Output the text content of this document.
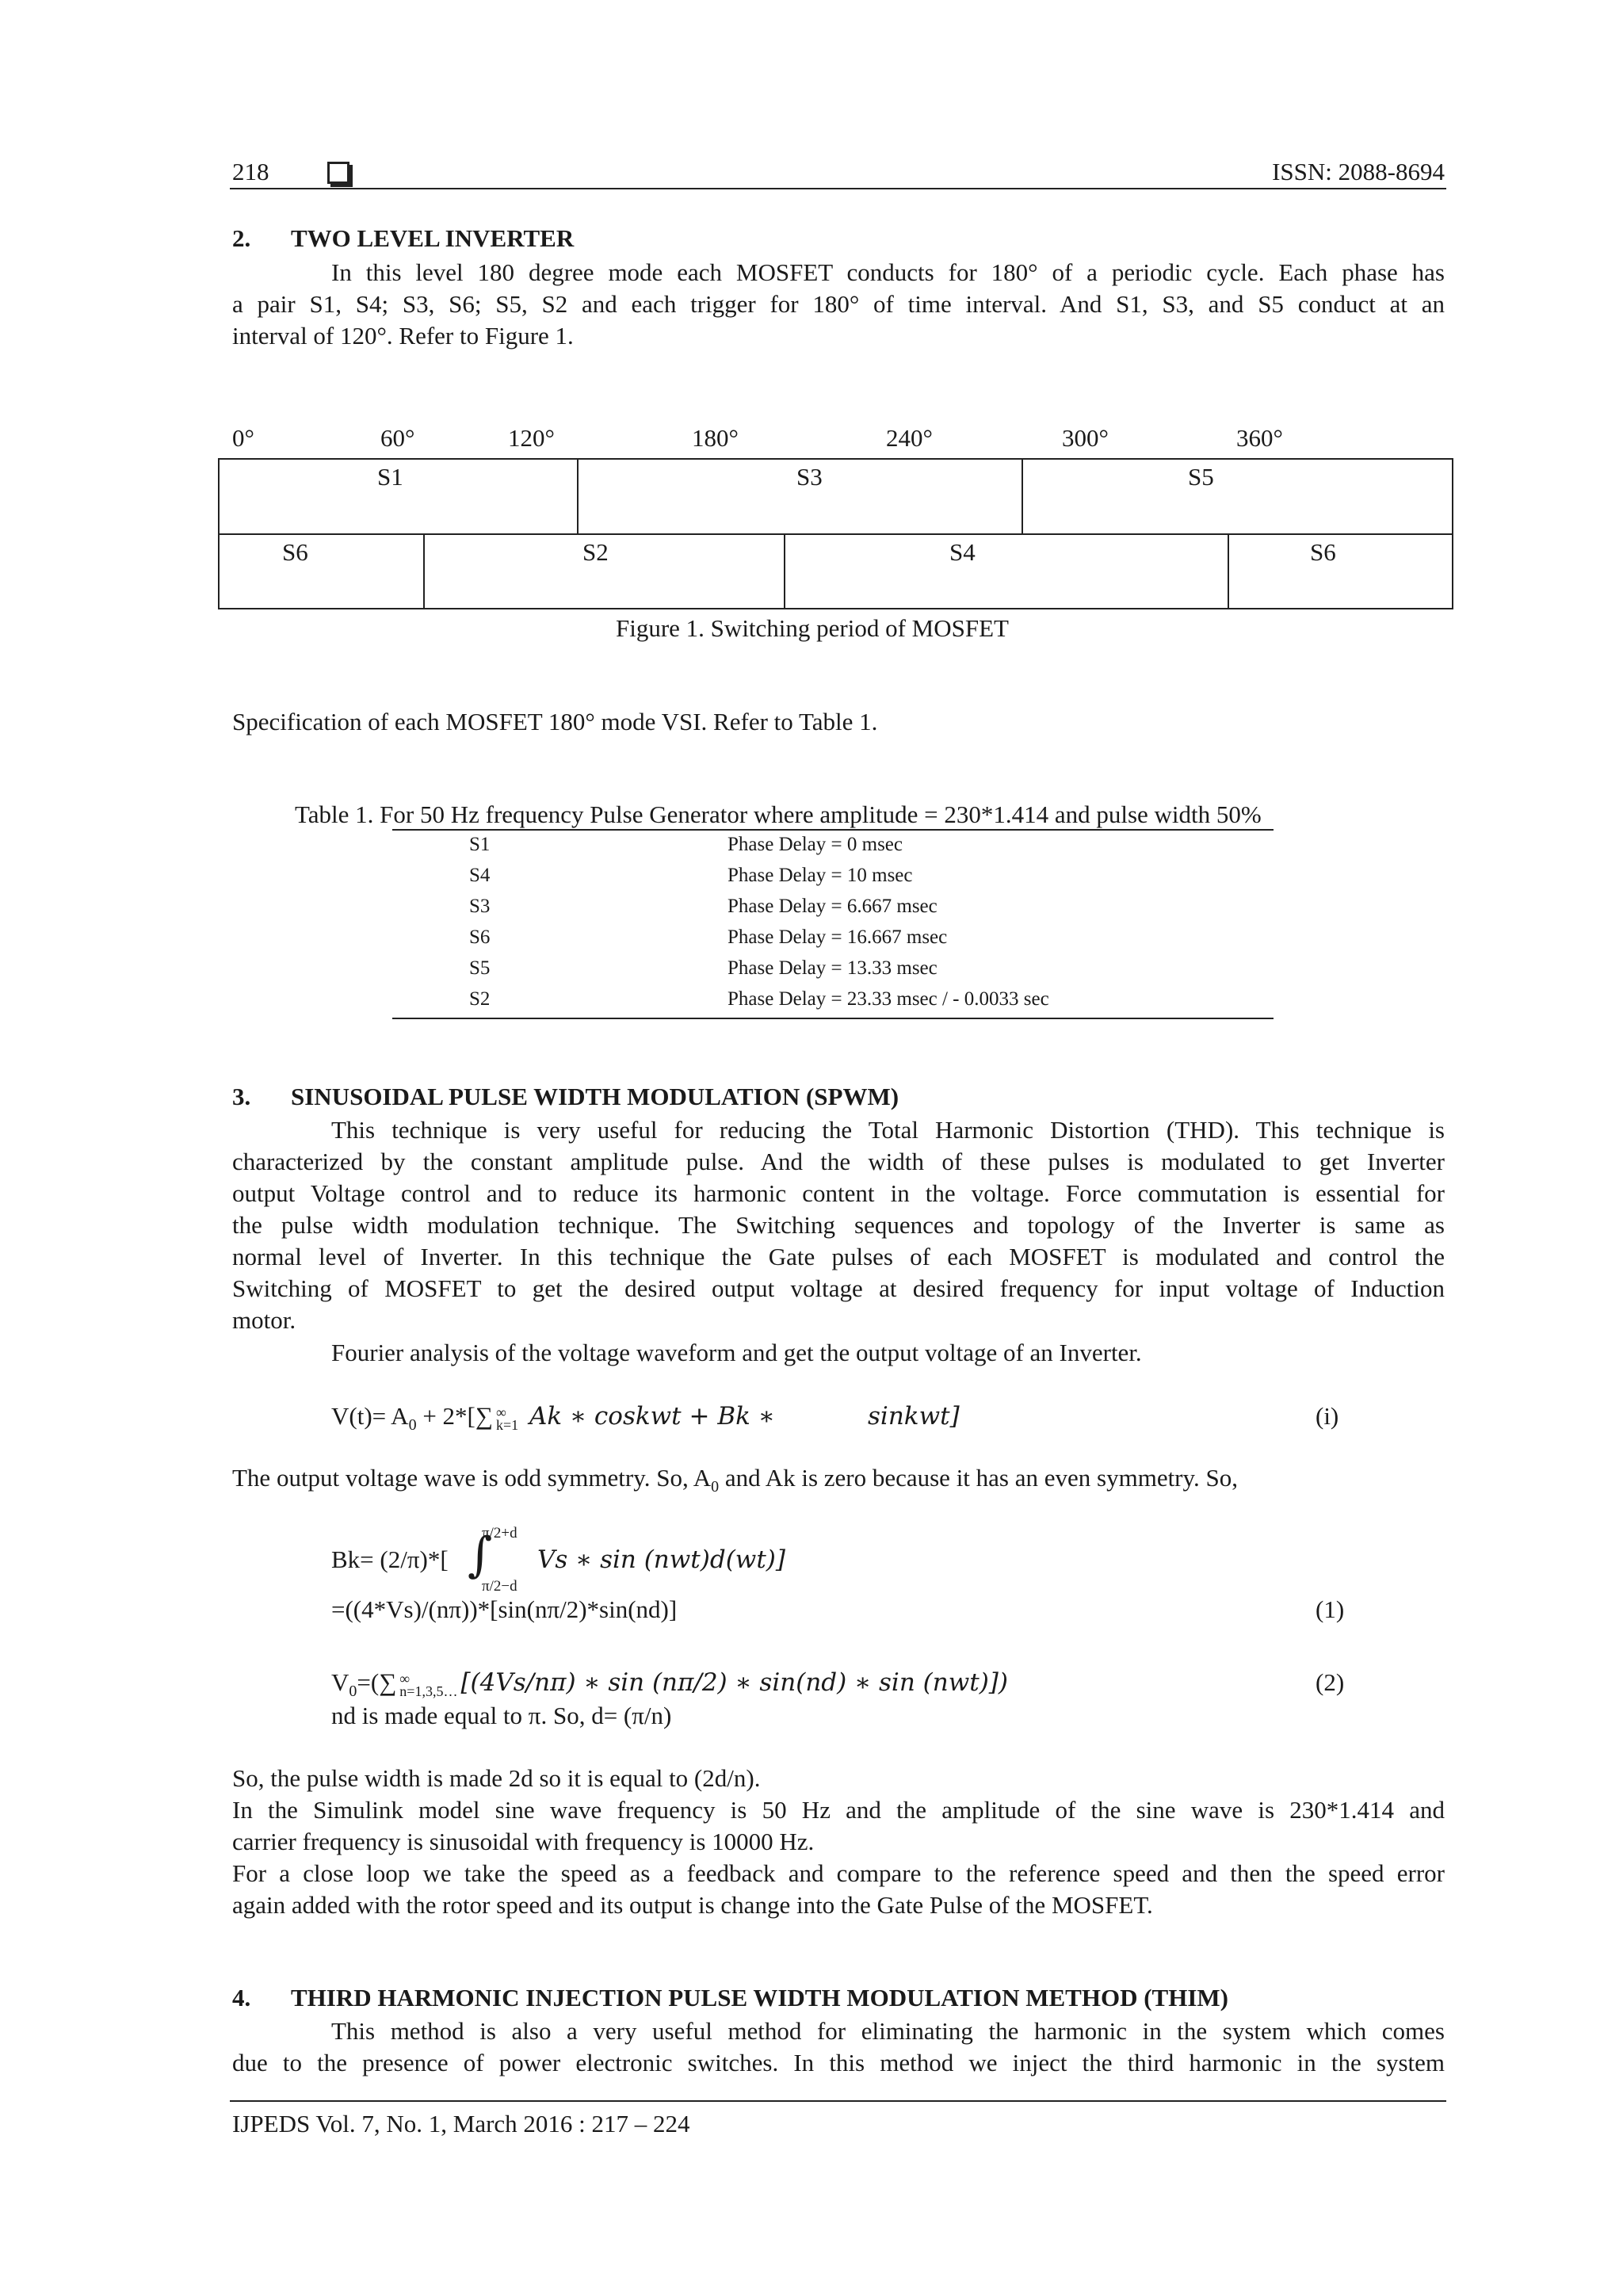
218	ISSN: 2088-8694
2. TWO LEVEL INVERTER
In this level 180 degree mode each MOSFET conducts for 180° of a periodic cycle. Each phase has
a pair S1, S4; S3, S6; S5, S2 and each trigger for 180° of time interval. And S1, S3, and S5 conduct at an
interval of 120°. Refer to Figure 1.
0°	60°	120°	180°	240°	300°	360°
S1	S3	S5
S6	S2	S4	S6
Figure 1. Switching period of MOSFET
Specification of each MOSFET 180° mode VSI. Refer to Table 1.
Table 1. For 50 Hz frequency Pulse Generator where amplitude = 230*1.414 and pulse width 50%
S1	Phase Delay = 0 msec
S4	Phase Delay = 10 msec
S3	Phase Delay = 6.667 msec
S6	Phase Delay = 16.667 msec
S5	Phase Delay = 13.33 msec
S2	Phase Delay = 23.33 msec / - 0.0033 sec
3. SINUSOIDAL PULSE WIDTH MODULATION (SPWM)
This technique is very useful for reducing the Total Harmonic Distortion (THD). This technique is
characterized by the constant amplitude pulse. And the width of these pulses is modulated to get Inverter
output Voltage control and to reduce its harmonic content in the voltage. Force commutation is essential for
the pulse width modulation technique. The Switching sequences and topology of the Inverter is same as
normal level of Inverter. In this technique the Gate pulses of each MOSFET is modulated and control the
Switching of MOSFET to get the desired output voltage at desired frequency for input voltage of Induction
motor.
Fourier analysis of the voltage waveform and get the output voltage of an Inverter.
$V(t)= A_0 + 2*[\sum$ ∞
k=1 Ak ∗ coskwt + Bk ∗	sinkwt]	(i)
The output voltage wave is odd symmetry. So, $A_0$ and Ak is zero because it has an even symmetry. So,
Bk= (2/π)*[
π/2+d
∫
π/2−d
Vs ∗ sin (nwt)d(wt)]
=((4*Vs)/(nπ))*[sin(nπ/2)*sin(nd)]	(1)
$V_0=(\sum$ ∞
n=1,3,5… [(4Vs/nπ) ∗ sin (nπ/2) ∗ sin(nd) ∗ sin (nwt)])	(2)
nd is made equal to π. So, d= (π/n)
So, the pulse width is made 2d so it is equal to (2d/n).
In the Simulink model sine wave frequency is 50 Hz and the amplitude of the sine wave is 230*1.414 and
carrier frequency is sinusoidal with frequency is 10000 Hz.
For a close loop we take the speed as a feedback and compare to the reference speed and then the speed error
again added with the rotor speed and its output is change into the Gate Pulse of the MOSFET.
4. THIRD HARMONIC INJECTION PULSE WIDTH MODULATION METHOD (THIM)
This method is also a very useful method for eliminating the harmonic in the system which comes
due to the presence of power electronic switches. In this method we inject the third harmonic in the system
IJPEDS Vol. 7, No. 1, March 2016 : 217 – 224
